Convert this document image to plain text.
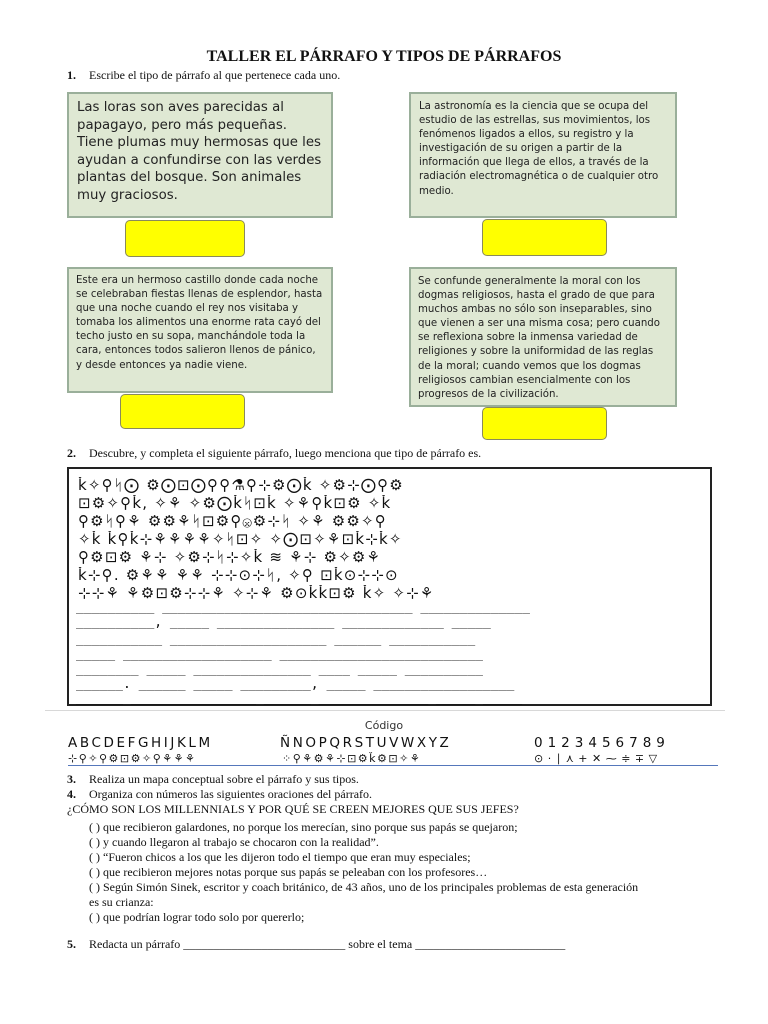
TALLER EL PÁRRAFO Y TIPOS DE PÁRRAFOS
1. Escribe el tipo de párrafo al que pertenece cada uno.
Las loras son aves parecidas al papagayo, pero más pequeñas. Tiene plumas muy hermosas que les ayudan a confundirse con las verdes plantas del bosque. Son animales muy graciosos.
La astronomía es la ciencia que se ocupa del estudio de las estrellas, sus movimientos, los fenómenos ligados a ellos, su registro y la investigación de su origen a partir de la información que llega de ellos, a través de la radiación electromagnética o de cualquier otro medio.
Este era un hermoso castillo donde cada noche se celebraban fiestas llenas de esplendor, hasta que una noche cuando el rey nos visitaba y tomaba los alimentos una enorme rata cayó del techo justo en su sopa, manchándole toda la cara, entonces todos salieron llenos de pánico, y desde entonces ya nadie viene.
Se confunde generalmente la moral con los dogmas religiosos, hasta el grado de que para muchos ambas no sólo son inseparables, sino que vienen a ser una misma cosa; pero cuando se reflexiona sobre la inmensa variedad de religiones y sobre la uniformidad de las reglas de la moral; cuando vemos que los dogmas religiosos cambian esencialmente con los progresos de la civilización.
2. Descubre, y completa el siguiente párrafo, luego menciona que tipo de párrafo es.
ǩ✧⚲ᛋ⨀ ⚙⨀⊡⨀⚲⚲⚗⚲⊹⚙⨀ǩ ✧⚙⊹⨀⚲⚙
⊡⚙✧⚲ǩ, ✧⚘ ✧⚙⨀ǩᛋ⊡ǩ ✧⚘⚲ǩ⊡⚙ ✧ǩ
⚲⚙ᛋ⚲⚘ ⚙⚙⚘ᛋ⊡⚙⚲ⓧ⚙⊹ᛋ ✧⚘ ⚙⚙✧⚲
✧ǩ ǩ⚲ǩ⊹⚘⚘⚘⚘✧ᛋ⊡✧ ✧⨀⊡✧⚘⊡ǩ⊹ǩ✧
⚲⚙⊡⚙ ⚘⊹ ✧⚙⊹ᛋ⊹✧ǩ ≋ ⚘⊹ ⚙✧⚙⚘
ǩ⊹⚲. ⚙⚘⚘ ⚘⚘ ⊹⊹⊙⊹ᛋ, ✧⚲ ⊡ǩ⊙⊹⊹⊙
⊹⊹⚘ ⚘⚙⊡⚙⊹⊹⚘ ✧⊹⚘ ⚙⊙ǩǩ⊡⚙ ǩ✧ ✧⊹⚘
__________ ________________________________ ______________
__________, _____ _______________ _____________ _____
___________ ____________________ ______ ___________
_____ ___________________ __________________________
________ _____ _______________ ____ _____ __________
______. ______ _____ _________, _____ __________________
______ ________________ ______ ______________ _____ _____
Código
ABCDEFGHIJKLM	ÑNOPQRSTUVWXYZ	0123456789
⊹⚲✧⚲⚙⊡⚙✧⚲⚘⚘⚘	⁘⚲⚘⚙⚘⊹⊡⚙ǩ⚙⊡✧⚘	⊙·∣⋏+✕⁓≑∓▽
3. Realiza un mapa conceptual sobre el párrafo y sus tipos.
4. Organiza con números las siguientes oraciones del párrafo.
¿CÓMO SON LOS MILLENNIALS Y POR QUÉ SE CREEN MEJORES QUE SUS JEFES?
( ) que recibieron galardones, no porque los merecían, sino porque sus papás se quejaron;
( ) y cuando llegaron al trabajo se chocaron con la realidad”.
( ) “Fueron chicos a los que les dijeron todo el tiempo que eran muy especiales;
( ) que recibieron mejores notas porque sus papás se peleaban con los profesores…
( ) Según Simón Sinek, escritor y coach británico, de 43 años, uno de los principales problemas de esta generación
es su crianza:
( ) que podrían lograr todo solo por quererlo;
5. Redacta un párrafo ___________________________ sobre el tema _________________________
